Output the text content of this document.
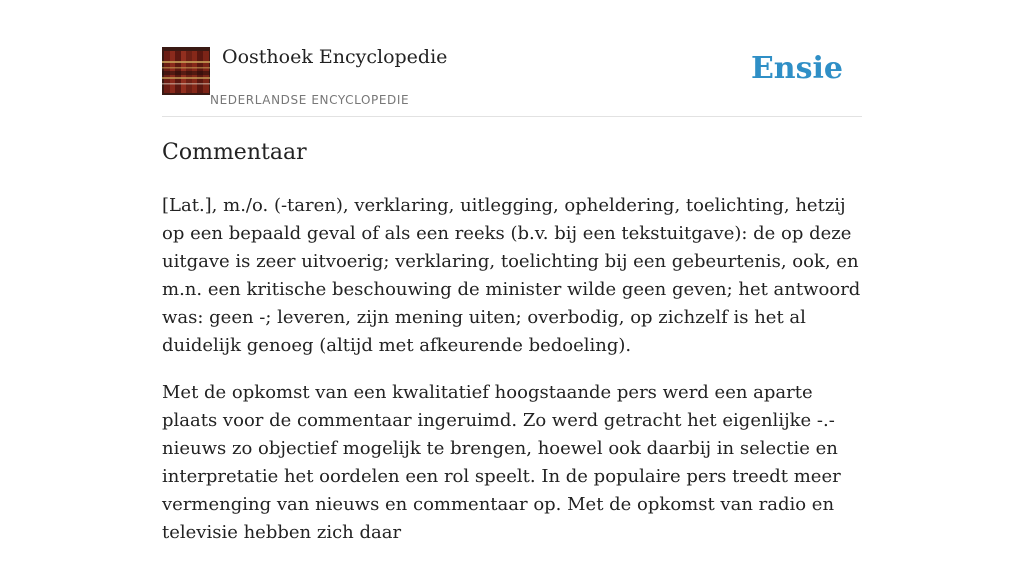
Oosthoek Encyclopedie
NEDERLANDSE ENCYCLOPEDIE
Ensie
Commentaar

[Lat.], m./o. (-taren), verklaring, uitlegging, opheldering, toelichting, hetzij op een bepaald geval of als een reeks (b.v. bij een tekstuitgave): de op deze uitgave is zeer uitvoerig; verklaring, toelichting bij een gebeurtenis, ook, en m.n. een kritische beschouwing de minister wilde geen geven; het antwoord was: geen -; leveren, zijn mening uiten; overbodig, op zichzelf is het al duidelijk genoeg (altijd met afkeurende bedoeling).

Met de opkomst van een kwalitatief hoogstaande pers werd een aparte plaats voor de commentaar ingeruimd. Zo werd getracht het eigenlijke -.-nieuws zo objectief mogelijk te brengen, hoewel ook daarbij in selectie en interpretatie het oordelen een rol speelt. In de populaire pers treedt meer vermenging van nieuws en commentaar op. Met de opkomst van radio en televisie hebben zich daar
